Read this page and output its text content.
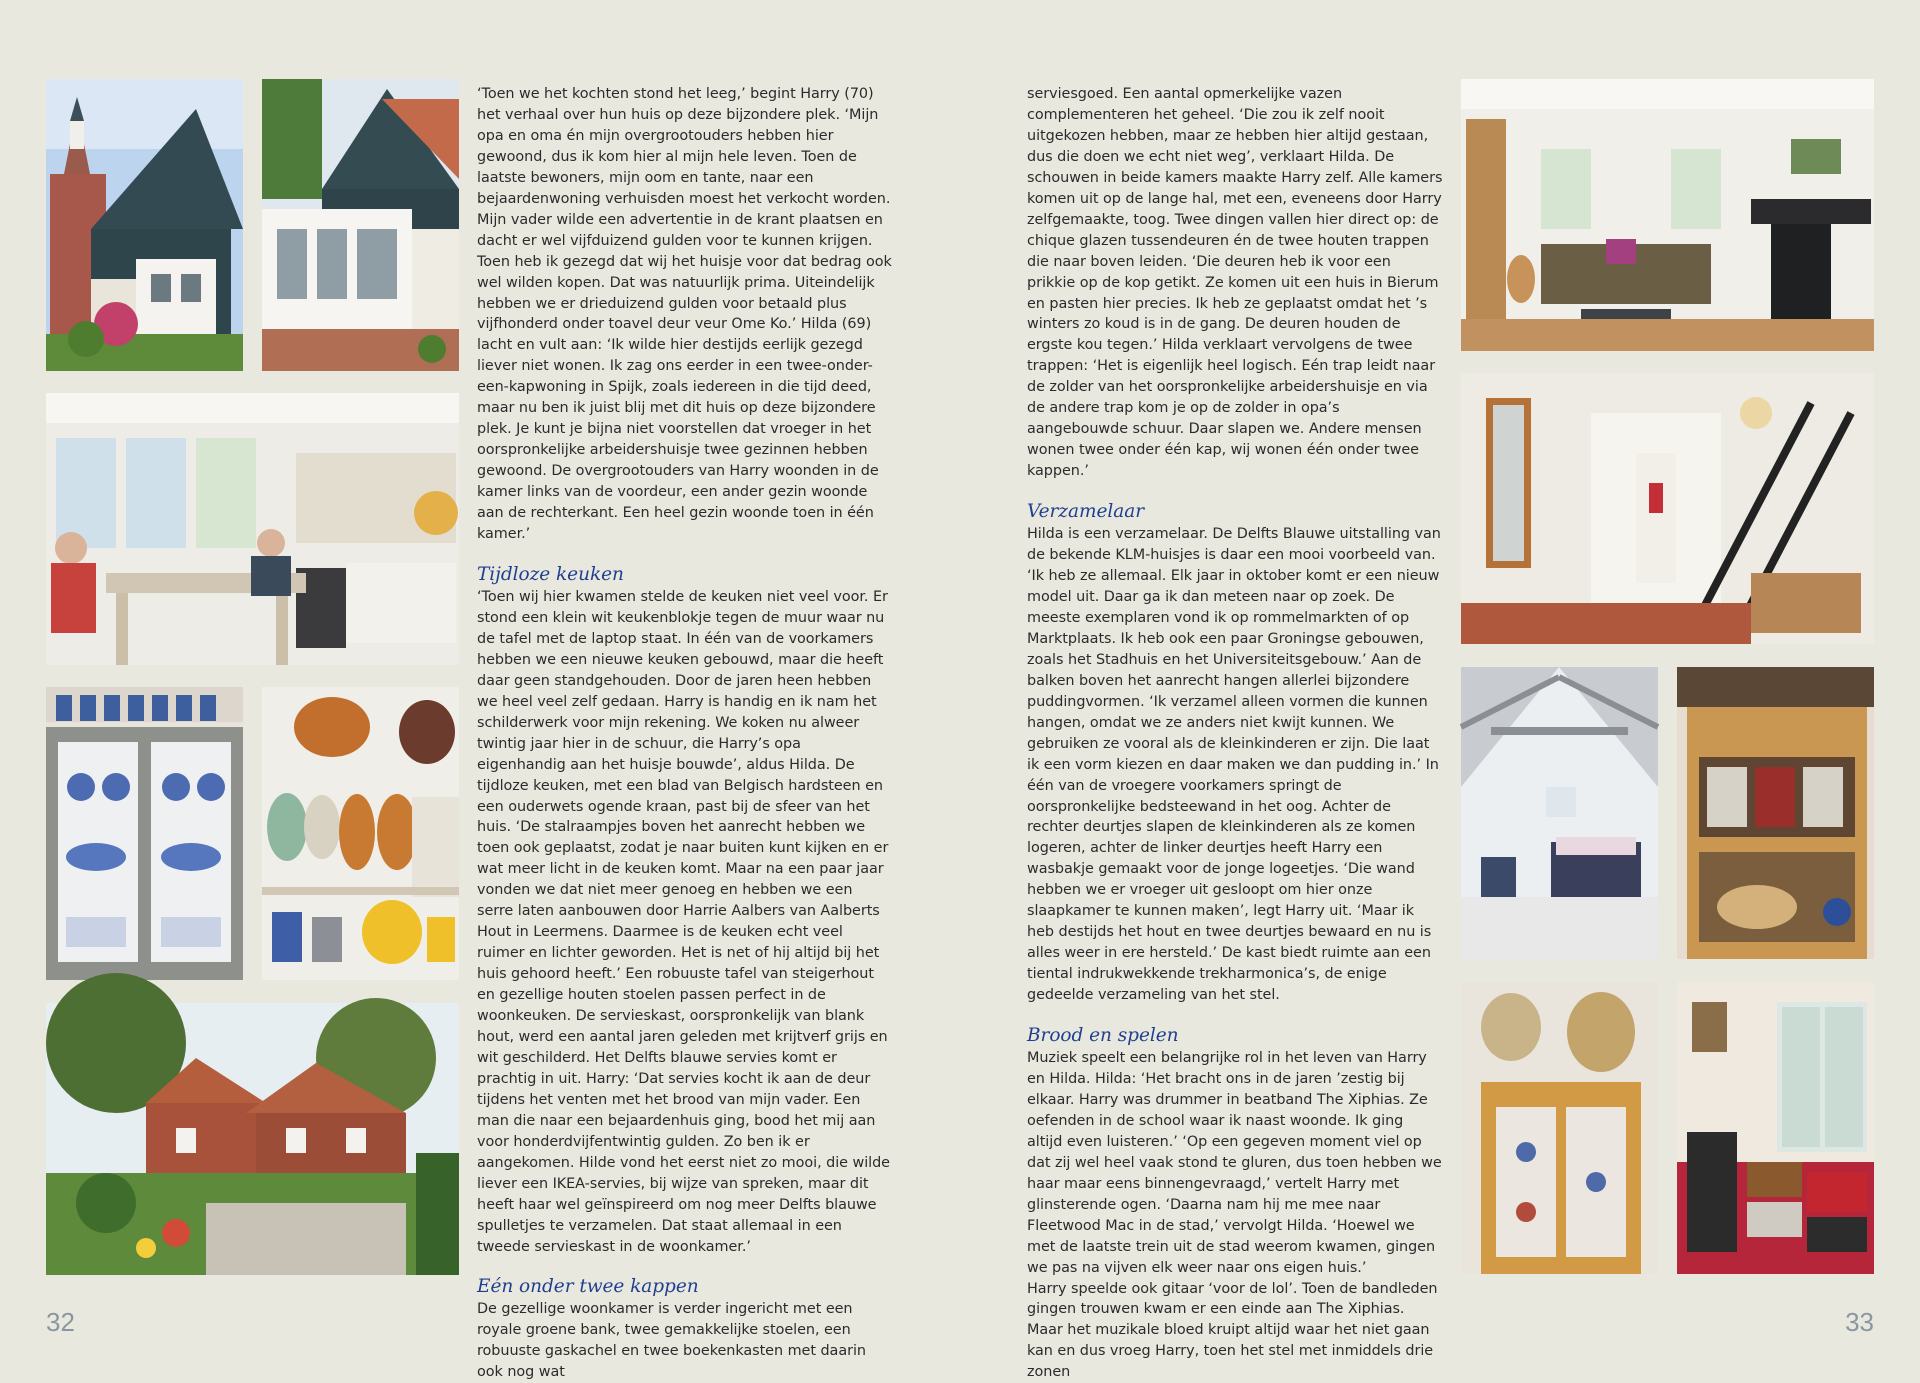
‘Toen we het kochten stond het leeg,’ begint Harry (70) het verhaal over hun huis op deze bijzondere plek. ‘Mijn opa en oma én mijn overgrootouders hebben hier gewoond, dus ik kom hier al mijn hele leven. Toen de laatste bewoners, mijn oom en tante, naar een bejaardenwoning verhuisden moest het verkocht worden. Mijn vader wilde een advertentie in de krant plaatsen en dacht er wel vijfduizend gulden voor te kunnen krijgen. Toen heb ik gezegd dat wij het huisje voor dat bedrag ook wel wilden kopen. Dat was natuurlijk prima. Uiteindelijk hebben we er drieduizend gulden voor betaald plus vijfhonderd onder toavel deur veur Ome Ko.’ Hilda (69) lacht en vult aan: ‘Ik wilde hier destijds eerlijk gezegd liever niet wonen. Ik zag ons eerder in een twee-onder-een-kapwoning in Spijk, zoals iedereen in die tijd deed, maar nu ben ik juist blij met dit huis op deze bijzondere plek. Je kunt je bijna niet voorstellen dat vroeger in het oorspronkelijke arbeidershuisje twee gezinnen hebben gewoond. De overgrootouders van Harry woonden in de kamer links van de voordeur, een ander gezin woonde aan de rechterkant. Een heel gezin woonde toen in één kamer.’

Tijdloze keuken

‘Toen wij hier kwamen stelde de keuken niet veel voor. Er stond een klein wit keukenblokje tegen de muur waar nu de tafel met de laptop staat. In één van de voorkamers hebben we een nieuwe keuken gebouwd, maar die heeft daar geen standgehouden. Door de jaren heen hebben we heel veel zelf gedaan. Harry is handig en ik nam het schilderwerk voor mijn rekening. We koken nu alweer twintig jaar hier in de schuur, die Harry’s opa eigenhandig aan het huisje bouwde’, aldus Hilda. De tijdloze keuken, met een blad van Belgisch hardsteen en een ouderwets ogende kraan, past bij de sfeer van het huis. ‘De stalraampjes boven het aanrecht hebben we toen ook geplaatst, zodat je naar buiten kunt kijken en er wat meer licht in de keuken komt. Maar na een paar jaar vonden we dat niet meer genoeg en hebben we een serre laten aanbouwen door Harrie Aalbers van Aalberts Hout in Leermens. Daarmee is de keuken echt veel ruimer en lichter geworden. Het is net of hij altijd bij het huis gehoord heeft.’ Een robuuste tafel van steigerhout en gezellige houten stoelen passen perfect in de woonkeuken. De servieskast, oorspronkelijk van blank hout, werd een aantal jaren geleden met krijtverf grijs en wit geschilderd. Het Delfts blauwe servies komt er prachtig in uit. Harry: ‘Dat servies kocht ik aan de deur tijdens het venten met het brood van mijn vader. Een man die naar een bejaardenhuis ging, bood het mij aan voor honderdvijfentwintig gulden. Zo ben ik er aangekomen. Hilde vond het eerst niet zo mooi, die wilde liever een IKEA-servies, bij wijze van spreken, maar dit heeft haar wel geïnspireerd om nog meer Delfts blauwe spulletjes te verzamelen. Dat staat allemaal in een tweede servieskast in de woonkamer.’

Eén onder twee kappen

De gezellige woonkamer is verder ingericht met een royale groene bank, twee gemakkelijke stoelen, een robuuste gaskachel en twee boekenkasten met daarin ook nog wat

serviesgoed. Een aantal opmerkelijke vazen complementeren het geheel. ‘Die zou ik zelf nooit uitgekozen hebben, maar ze hebben hier altijd gestaan, dus die doen we echt niet weg’, verklaart Hilda. De schouwen in beide kamers maakte Harry zelf. Alle kamers komen uit op de lange hal, met een, eveneens door Harry zelfgemaakte, toog. Twee dingen vallen hier direct op: de chique glazen tussendeuren én de twee houten trappen die naar boven leiden. ‘Die deuren heb ik voor een prikkie op de kop getikt. Ze komen uit een huis in Bierum en pasten hier precies. Ik heb ze geplaatst omdat het ’s winters zo koud is in de gang. De deuren houden de ergste kou tegen.’ Hilda verklaart vervolgens de twee trappen: ‘Het is eigenlijk heel logisch. Eén trap leidt naar de zolder van het oorspronkelijke arbeidershuisje en via de andere trap kom je op de zolder in opa’s aangebouwde schuur. Daar slapen we. Andere mensen wonen twee onder één kap, wij wonen één onder twee kappen.’

Verzamelaar

Hilda is een verzamelaar. De Delfts Blauwe uitstalling van de bekende KLM-huisjes is daar een mooi voorbeeld van. ‘Ik heb ze allemaal. Elk jaar in oktober komt er een nieuw model uit. Daar ga ik dan meteen naar op zoek. De meeste exemplaren vond ik op rommelmarkten of op Marktplaats. Ik heb ook een paar Groningse gebouwen, zoals het Stadhuis en het Universiteitsgebouw.’ Aan de balken boven het aanrecht hangen allerlei bijzondere puddingvormen. ‘Ik verzamel alleen vormen die kunnen hangen, omdat we ze anders niet kwijt kunnen. We gebruiken ze vooral als de kleinkinderen er zijn. Die laat ik een vorm kiezen en daar maken we dan pudding in.’ In één van de vroegere voorkamers springt de oorspronkelijke bedsteewand in het oog. Achter de rechter deurtjes slapen de kleinkinderen als ze komen logeren, achter de linker deurtjes heeft Harry een wasbakje gemaakt voor de jonge logeetjes. ‘Die wand hebben we er vroeger uit gesloopt om hier onze slaapkamer te kunnen maken’, legt Harry uit. ‘Maar ik heb destijds het hout en twee deurtjes bewaard en nu is alles weer in ere hersteld.’ De kast biedt ruimte aan een tiental indrukwekkende trekharmonica’s, de enige gedeelde verzameling van het stel.

Brood en spelen

Muziek speelt een belangrijke rol in het leven van Harry en Hilda. Hilda: ‘Het bracht ons in de jaren ’zestig bij elkaar. Harry was drummer in beatband The Xiphias. Ze oefenden in de school waar ik naast woonde. Ik ging altijd even luisteren.’ ‘Op een gegeven moment viel op dat zij wel heel vaak stond te gluren, dus toen hebben we haar maar eens binnengevraagd,’ vertelt Harry met glinsterende ogen. ‘Daarna nam hij me mee naar Fleetwood Mac in de stad,’ vervolgt Hilda. ‘Hoewel we met de laatste trein uit de stad weerom kwamen, gingen we pas na vijven elk weer naar ons eigen huis.’

Harry speelde ook gitaar ‘voor de lol’. Toen de bandleden gingen trouwen kwam er een einde aan The Xiphias. Maar het muzikale bloed kruipt altijd waar het niet gaan kan en dus vroeg Harry, toen het stel met inmiddels drie zonen

32	33
